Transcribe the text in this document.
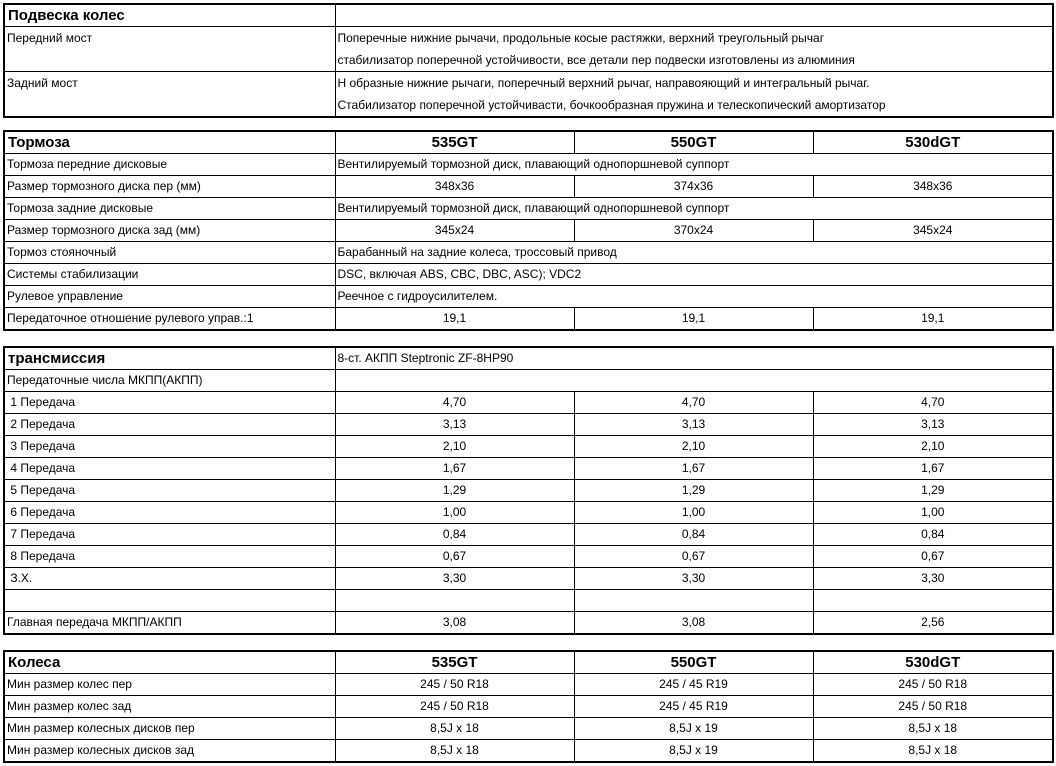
Подвеска колес	
Передний мост	Поперечные нижние рычачи, продольные косые растяжки, верхний треугольный рычаг
стабилизатор поперечной устойчивости, все детали пер подвески изготовлены из алюминия

Задний мост	Н образные нижние рычаги, поперечный верхний рычаг, направояющий и интегральный рычаг.
Стабилизатор поперечной устойчивасти, бочкообразная пружина и телескопический амортизатор
Тормоза	535GT	550GT	530dGT
Тормоза передние дисковые	Вентилируемый тормозной диск, плавающий однопоршневой суппорт		
Размер тормозного диска пер (мм)	348x36	374x36	348x36
Тормоза задние дисковые	Вентилируемый тормозной диск, плавающий однопоршневой суппорт		
Размер тормозного диска зад (мм)	345x24	370x24	345x24
Тормоз стояночный	Барабанный на задние колеса, троссовый привод		
Системы стабилизации	DSC, включая ABS, CBC, DBC, ASC); VDC2		
Рулевое управление	Реечное с гидроусилителем.		
Передаточное отношение рулевого управ.:1	19,1	19,1	19,1
трансмиссия	8-ст. АКПП Steptronic ZF-8HP90		
Передаточные числа МКПП(АКПП)			
1 Передача	4,70	4,70	4,70
2 Передача	3,13	3,13	3,13
3 Передача	2,10	2,10	2,10
4 Передача	1,67	1,67	1,67
5 Передача	1,29	1,29	1,29
6 Передача	1,00	1,00	1,00
7 Передача	0,84	0,84	0,84
8 Передача	0,67	0,67	0,67
З.Х.	3,30	3,30	3,30

Главная передача МКПП/АКПП	3,08	3,08	2,56
Колеса	535GT	550GT	530dGT
Мин размер колес пер	245 / 50 R18	245 / 45 R19	245 / 50 R18
Мин размер колес зад	245 / 50 R18	245 / 45 R19	245 / 50 R18
Мин размер колесных дисков пер	8,5J x 18	8,5J x 19	8,5J x 18
Мин размер колесных дисков зад	8,5J x 18	8,5J x 19	8,5J x 18
